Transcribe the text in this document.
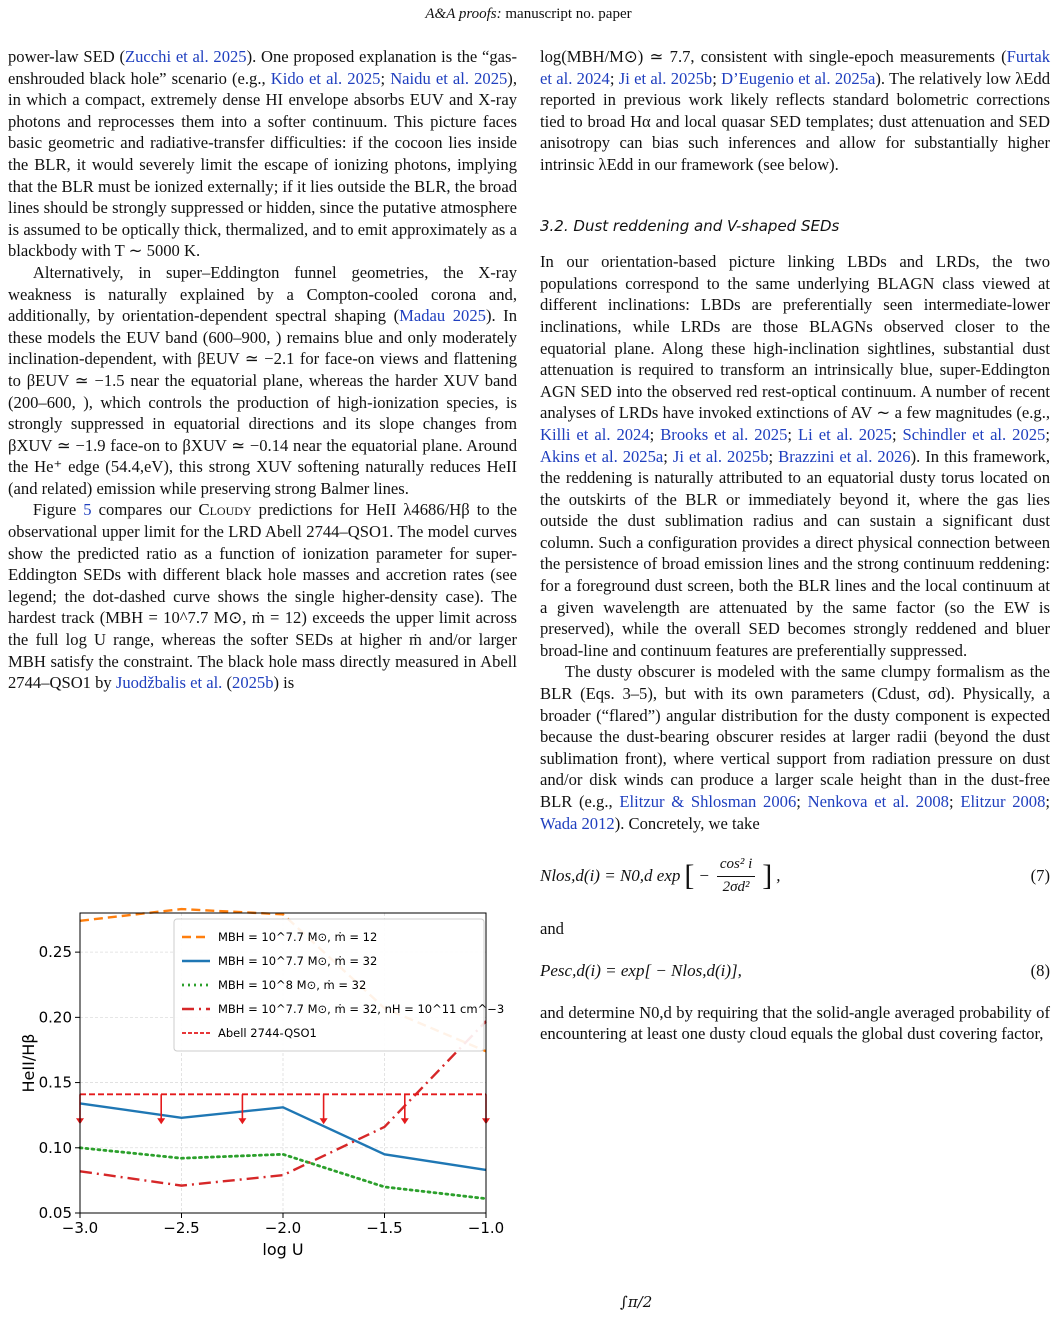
A&A proofs: manuscript no. paper

power-law SED (Zucchi et al. 2025). One proposed explanation is the “gas-enshrouded black hole” scenario (e.g., Kido et al. 2025; Naidu et al. 2025), in which a compact, extremely dense HI envelope absorbs EUV and X-ray photons and reprocesses them into a softer continuum. This picture faces basic geometric and radiative-transfer difficulties: if the cocoon lies inside the BLR, it would severely limit the escape of ionizing photons, implying that the BLR must be ionized externally; if it lies outside the BLR, the broad lines should be strongly suppressed or hidden, since the putative atmosphere is assumed to be optically thick, thermalized, and to emit approximately as a blackbody with T ∼ 5000 K.

Alternatively, in super–Eddington funnel geometries, the X-ray weakness is naturally explained by a Compton-cooled corona and, additionally, by orientation-dependent spectral shaping (Madau 2025). In these models the EUV band (600–900, ) remains blue and only moderately inclination-dependent, with βEUV ≃ −2.1 for face-on views and flattening to βEUV ≃ −1.5 near the equatorial plane, whereas the harder XUV band (200–600, ), which controls the production of high-ionization species, is strongly suppressed in equatorial directions and its slope changes from βXUV ≃ −1.9 face-on to βXUV ≃ −0.14 near the equatorial plane. Around the He⁺ edge (54.4,eV), this strong XUV softening naturally reduces HeII (and related) emission while preserving strong Balmer lines.

Figure 5 compares our Cloudy predictions for HeII λ4686/Hβ to the observational upper limit for the LRD Abell 2744–QSO1. The model curves show the predicted ratio as a function of ionization parameter for super-Eddington SEDs with different black hole masses and accretion rates (see legend; the dot-dashed curve shows the single higher-density case). The hardest track (MBH = 10^7.7 M⊙, ṁ = 12) exceeds the upper limit across the full log U range, whereas the softer SEDs at higher ṁ and/or larger MBH satisfy the constraint. The black hole mass directly measured in Abell 2744–QSO1 by Juodžbalis et al. (2025b) is

−3.0	−2.5	−2.0	−1.5	−1.0
0.05
0.10
0.15
0.20
0.25
log U
HeII/Hβ
MBH = 10^7.7 M⊙, ṁ = 12
MBH = 10^7.7 M⊙, ṁ = 32
MBH = 10^8 M⊙, ṁ = 32
MBH = 10^7.7 M⊙, ṁ = 32, nH = 10^11 cm^−3
Abell 2744-QSO1

log(MBH/M⊙) ≃ 7.7, consistent with single-epoch measurements (Furtak et al. 2024; Ji et al. 2025b; D’Eugenio et al. 2025a). The relatively low λEdd reported in previous work likely reflects standard bolometric corrections tied to broad Hα and local quasar SED templates; dust attenuation and SED anisotropy can bias such inferences and allow for substantially higher intrinsic λEdd in our framework (see below).

3.2. Dust reddening and V-shaped SEDs

In our orientation-based picture linking LBDs and LRDs, the two populations correspond to the same underlying BLAGN class viewed at different inclinations: LBDs are preferentially seen intermediate-lower inclinations, while LRDs are those BLAGNs observed closer to the equatorial plane. Along these high-inclination sightlines, substantial dust attenuation is required to transform an intrinsically blue, super-Eddington AGN SED into the observed red rest-optical continuum. A number of recent analyses of LRDs have invoked extinctions of AV ∼ a few magnitudes (e.g., Killi et al. 2024; Brooks et al. 2025; Li et al. 2025; Schindler et al. 2025; Akins et al. 2025a; Ji et al. 2025b; Brazzini et al. 2026). In this framework, the reddening is naturally attributed to an equatorial dusty torus located on the outskirts of the BLR or immediately beyond it, where the gas lies outside the dust sublimation radius and can sustain a significant dust column. Such a configuration provides a direct physical connection between the persistence of broad emission lines and the strong continuum reddening: for a foreground dust screen, both the BLR lines and the local continuum at a given wavelength are attenuated by the same factor (so the EW is preserved), while the overall SED becomes strongly reddened and bluer broad-line and continuum features are preferentially suppressed.

The dusty obscurer is modeled with the same clumpy formalism as the BLR (Eqs. 3–5), but with its own parameters (Cdust, σd). Physically, a broader (“flared”) angular distribution for the dusty component is expected because the dust-bearing obscurer resides at larger radii (beyond the dust sublimation front), where vertical support from radiation pressure on dust and/or disk winds can produce a larger scale height than in the dust-free BLR (e.g., Elitzur & Shlosman 2006; Nenkova et al. 2008; Elitzur 2008; Wada 2012). Concretely, we take

Nlos,d(i) = N0,d exp [ − $\frac{\text{cos² i}}{\text{2σd²}}$ ] ,	(7)

and

Pesc,d(i) = exp[ − Nlos,d(i)],	(8)

and determine N0,d by requiring that the solid-angle averaged probability of encountering at least one dusty cloud equals the global dust covering factor,

∫π/2
